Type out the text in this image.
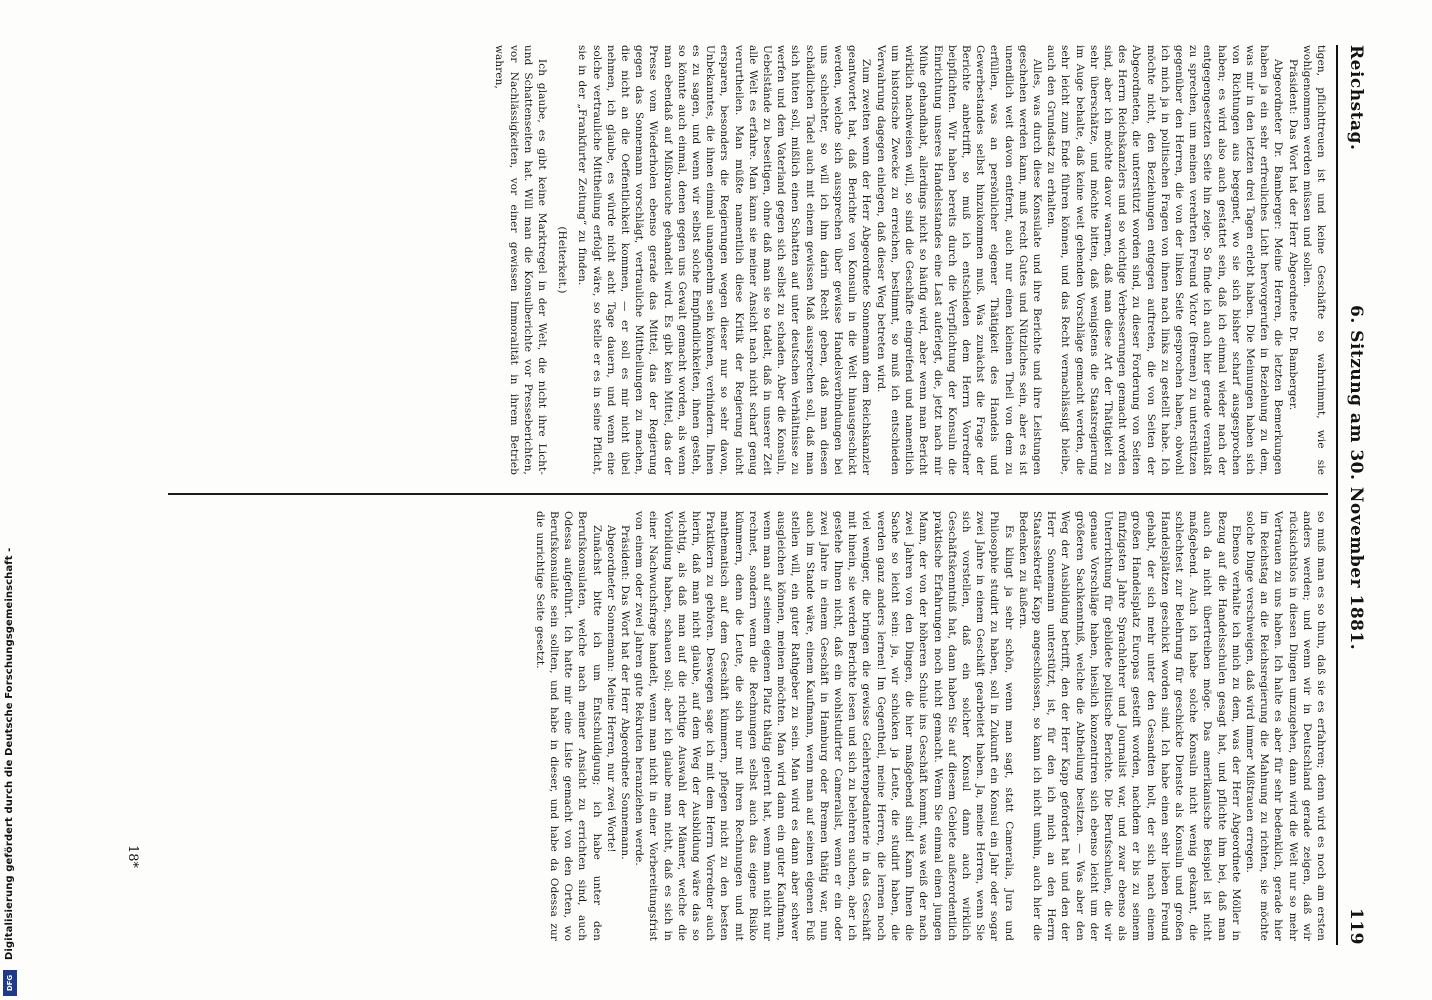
Reichstag.
6. Sitzung am 30. November 1881.
119

tigen, pflichttreuen ist und keine Geschäfte so wahrnimmt, wie sie wohlgenommen werden müssen und sollen.

Präsident: Das Wort hat der Herr Abgeordnete Dr. Bamberger.

Abgeordneter Dr. Bamberger: Meine Herren, die letzten Bemerkungen haben ja ein sehr erfreuliches Licht hervorgerufen in Beziehung zu dem, was mir in den letzten drei Tagen erlebt haben. Die Meinungen haben sich von Richtungen aus begegnet, wo sie sich bisher scharf ausgesprochen haben; es wird also auch gestattet sein, daß ich einmal wieder nach der entgegengesetzten Seite hin zeige. So finde ich auch hier gerade veranlaßt zu sprechen, um meinen verehrten Freund Victor (Bremen) zu unterstützen gegenüber den Herren, die von der linken Seite gesprochen haben, obwohl ich mich ja in politischen Fragen von ihnen nach links zu gestellt habe. Ich möchte nicht, den Beziehungen entgegen auftreten, die von Seiten der Abgeordneten, die unterstützt worden sind, zu dieser Forderung von Seiten des Herrn Reichskanzlers und so wichtige Verbesserungen gemacht worden sind, aber ich möchte davor warnen, daß man diese Art der Thätigkeit zu sehr überschätze, und möchte bitten, daß wenigstens die Staatsregierung im Auge behalte, daß keine weit gehenden Vorschläge gemacht werden, die sehr leicht zum Ende führen können, und das Recht vernachlässigt bleibe, auch den Grundsatz zu erhalten.

Alles, was durch diese Konsulate und ihre Berichte und ihre Leistungen geschehen werden kann, muß recht Gutes und Nützliches sein, aber es ist unendlich weit davon entfernt, auch nur einen kleinen Theil von dem zu erfüllen, was an persönlicher eigener Thätigkeit des Handels und Gewerbestandes selbst hinzukommen muß. Was zunächst die Frage der Berichte anbetrifft, so muß ich entschieden dem Herrn Vorredner beipflichten. Wir haben bereits durch die Verpflichtung der Konsuln die Einrichtung unseres Handelsstandes eine Last auferlegt, die, jetzt nach mir Mühe gehandhabt, allerdings nicht so häufig wird, aber wenn man Bericht wirklich nachweisen will, so sind die Geschäfte eingreifend und namentlich um historische Zwecke zu erreichen, bestimmt, so muß ich entschieden Verwahrung dagegen einlegen, daß dieser Weg betreten wird.

Zum zweiten wenn der Herr Abgeordnete Sonnemann dem Reichskanzler geantwortet hat, daß Berichte von Konsuln in die Welt hinausgeschickt werden, welche sich aussprechen über gewisse Handelsverbindungen bei uns schlechter, so will ich ihm darin Recht geben, daß man diesen schädlichen Tadel auch mit einem gewissen Maß aussprechen soll, daß man sich hüten soll, mißlich einen Schatten auf unter deutschen Verhältnisse zu werfen und dem Vaterland gegen sich selbst zu schaden. Aber die Konsuln, Uebelstände zu beseitigen, ohne daß man sie so tadelt, daß in unserer Zeit alle Welt es erfahre. Man kann sie meiner Ansicht nach nicht scharf genug verurtheilen. Man müßte namentlich diese Kritik der Regierung nicht ersparen, besonders die Regierungen wegen dieser nur so sehr davon, Unbekanntes, die ihnen einmal unangenehm sein können, verhindern. Ihnen es zu sagen, und wenn wir selbst solche Empfindlichkeiten, ihnen gesteh, so könnte auch einmal, denen gegen uns Gewalt gemacht worden, als wenn man ebendaß auf Mißbrauche gehandelt wird. Es gibt kein Mittel, das der Presse vom Wiederholen ebenso gerade das Mittel, das der Regierung gegen das Sonnemann vorschlägt, vertrauliche Mittheilungen zu machen, die nicht an die Oeffentlichkeit kommen, — er soll es mir nicht übel nehmen, ich glaube, es würde nicht acht Tage dauern, und wenn eine solche vertrauliche Mittheilung erfolgt wäre, so stelle er es in seine Pflicht, sie in der „Frankfurter Zeitung“ zu finden.

(Heiterkeit.)

Ich glaube, es gibt keine Marktregel in der Welt, die nicht ihre Licht- und Schattenseiten hat. Will man die Konsulberichte vor Presseberichten, vor Nachlässigkeiten, vor einer gewissen Immoralität in ihrem Betrieb wahren,

so muß man es so thun, daß sie es erfahren; denn wird es noch am ersten anders werden; und wenn wir in Deutschland gerade zeigen, daß wir rücksichtslos in diesen Dingen umzugehen, dann wird die Welt nur so mehr Vertrauen zu uns haben. Ich halte es aber für sehr bedenklich, gerade hier im Reichstag an die Reichsregierung die Mahnung zu richten, sie möchte solche Dinge verschweigen, daß wird immer Mißtrauen erregen.

Ebenso verhalte ich mich zu dem, was der Herr Abgeordnete Möller in Bezug auf die Handelsschulen gesagt hat, und pflichte ihm bei, daß man auch da nicht übertreiben möge. Das amerikanische Beispiel ist nicht maßgebend. Auch ich habe solche Konsuln nicht wenig gekannt, die schlechtest zur Belehrung für geschickte Dienste als Konsuln und großen Handelsplätzen geschickt worden sind. Ich habe einen sehr lieben Freund gehabt, der sich mehr unter den Gesandten holt, der sich nach einem großen Handelsplatz Europas gesteift worden, nachdem er bis zu seinem fünfzigsten Jahre Sprachlehrer und Journalist war, und zwar ebenso als Unterrichtung für gebildete politische Berichte. Die Berufsschulen, die wir genaue Vorschläge haben, hieslich konzentriren sich ebenso leicht um der größeren Sachkenntniß, welche die Abtheilung besitzen. — Was aber den Weg der Ausbildung betrifft, den der Herr Kapp gefordert hat und den der Herr Sonnemann unterstützt, ist, für den ich mich an den Herrn Staatssekretär Kapp angeschlossen, so kann ich nicht umhin, auch hier die Bedenken zu äußern.

Es klingt ja sehr schön, wenn man sagt, statt Cameralia, Jura und Philosophie studirt zu haben, soll in Zukunft ein Konsul ein Jahr oder sogar zwei Jahre in einem Geschäft gearbeitet haben. Ja, meine Herren, wenn Sie sich vorstellen, daß ein solcher Konsul dann auch wirklich Geschäftskenntniß hat, dann haben Sie auf diesem Gebiete außerordentlich praktische Erfahrungen noch nicht gemacht. Wenn Sie einmal einen jungen Mann, der von der höheren Schule ins Geschäft kommt, was weiß der nach zwei Jahren von den Dingen, die hier maßgebend sind! Kann Ihnen die Sache so leicht sein: ja, wir schicken ja Leute, die studirt haben, die werden ganz anders lernen! Im Gegentheil, meine Herren, die lernen noch viel weniger, die bringen die gewisse Gelehrtenpedanterie in das Geschäft mit hinein, sie werden Berichte lesen und sich zu belehren suchen, aber ich gestehe Ihnen nicht, daß ein wohlstudirter Cameralist, wenn er ein oder zwei Jahre in einem Geschäft in Hamburg oder Bremen thätig war, nun auch im Stande wäre, einem Kaufmann, wenn man auf seinen eigenen Fuß stellen will, ein guter Rathgeber zu sein. Man wird es dann aber schwer ausgleichen können, meinen möchten. Man wird dann ein guter Kaufmann, wenn man auf seinem eigenen Platz thätig gelernt hat, wenn man nicht nur rechnet, sondern wenn die Rechnungen selbst auch das eigene Risiko kümmern, denn die Leute, die sich nur mit ihren Rechnungen und mit mathematisch auf dem Geschäft kümmern, pflegen nicht zu den besten Praktikern zu gehören. Deswegen sage ich mit dem Herrn Vorredner auch hierin, daß man nicht glaube, auf dem Weg der Ausbildung wäre das so wichtig, als daß man auf die richtige Auswahl der Männer, welche die Vorbildung haben, schauen soll; aber ich glaube man nicht, daß es sich in einer Nachwuchsfrage handelt, wenn man nicht in einer Vorbereitungsfrist von einem oder zwei Jahren gute Rekruten heranziehen werde.

Präsident: Das Wort hat der Herr Abgeordnete Sonnemann.

Abgeordneter Sonnemann: Meine Herren, nur zwei Worte!

Zunächst bitte ich um Entschuldigung; ich habe unter den Berufskonsulaten, welche nach meiner Ansicht zu errichten sind, auch Odessa aufgeführt. Ich hatte mir eine Liste gemacht von den Orten, wo Berufskonsulate sein sollten, und habe in dieser, und habe da Odessa zur die unrichtige Seite gesetzt.

18*
Digitalisierung gefördert durch die Deutsche Forschungsgemeinschaft -
DFG
